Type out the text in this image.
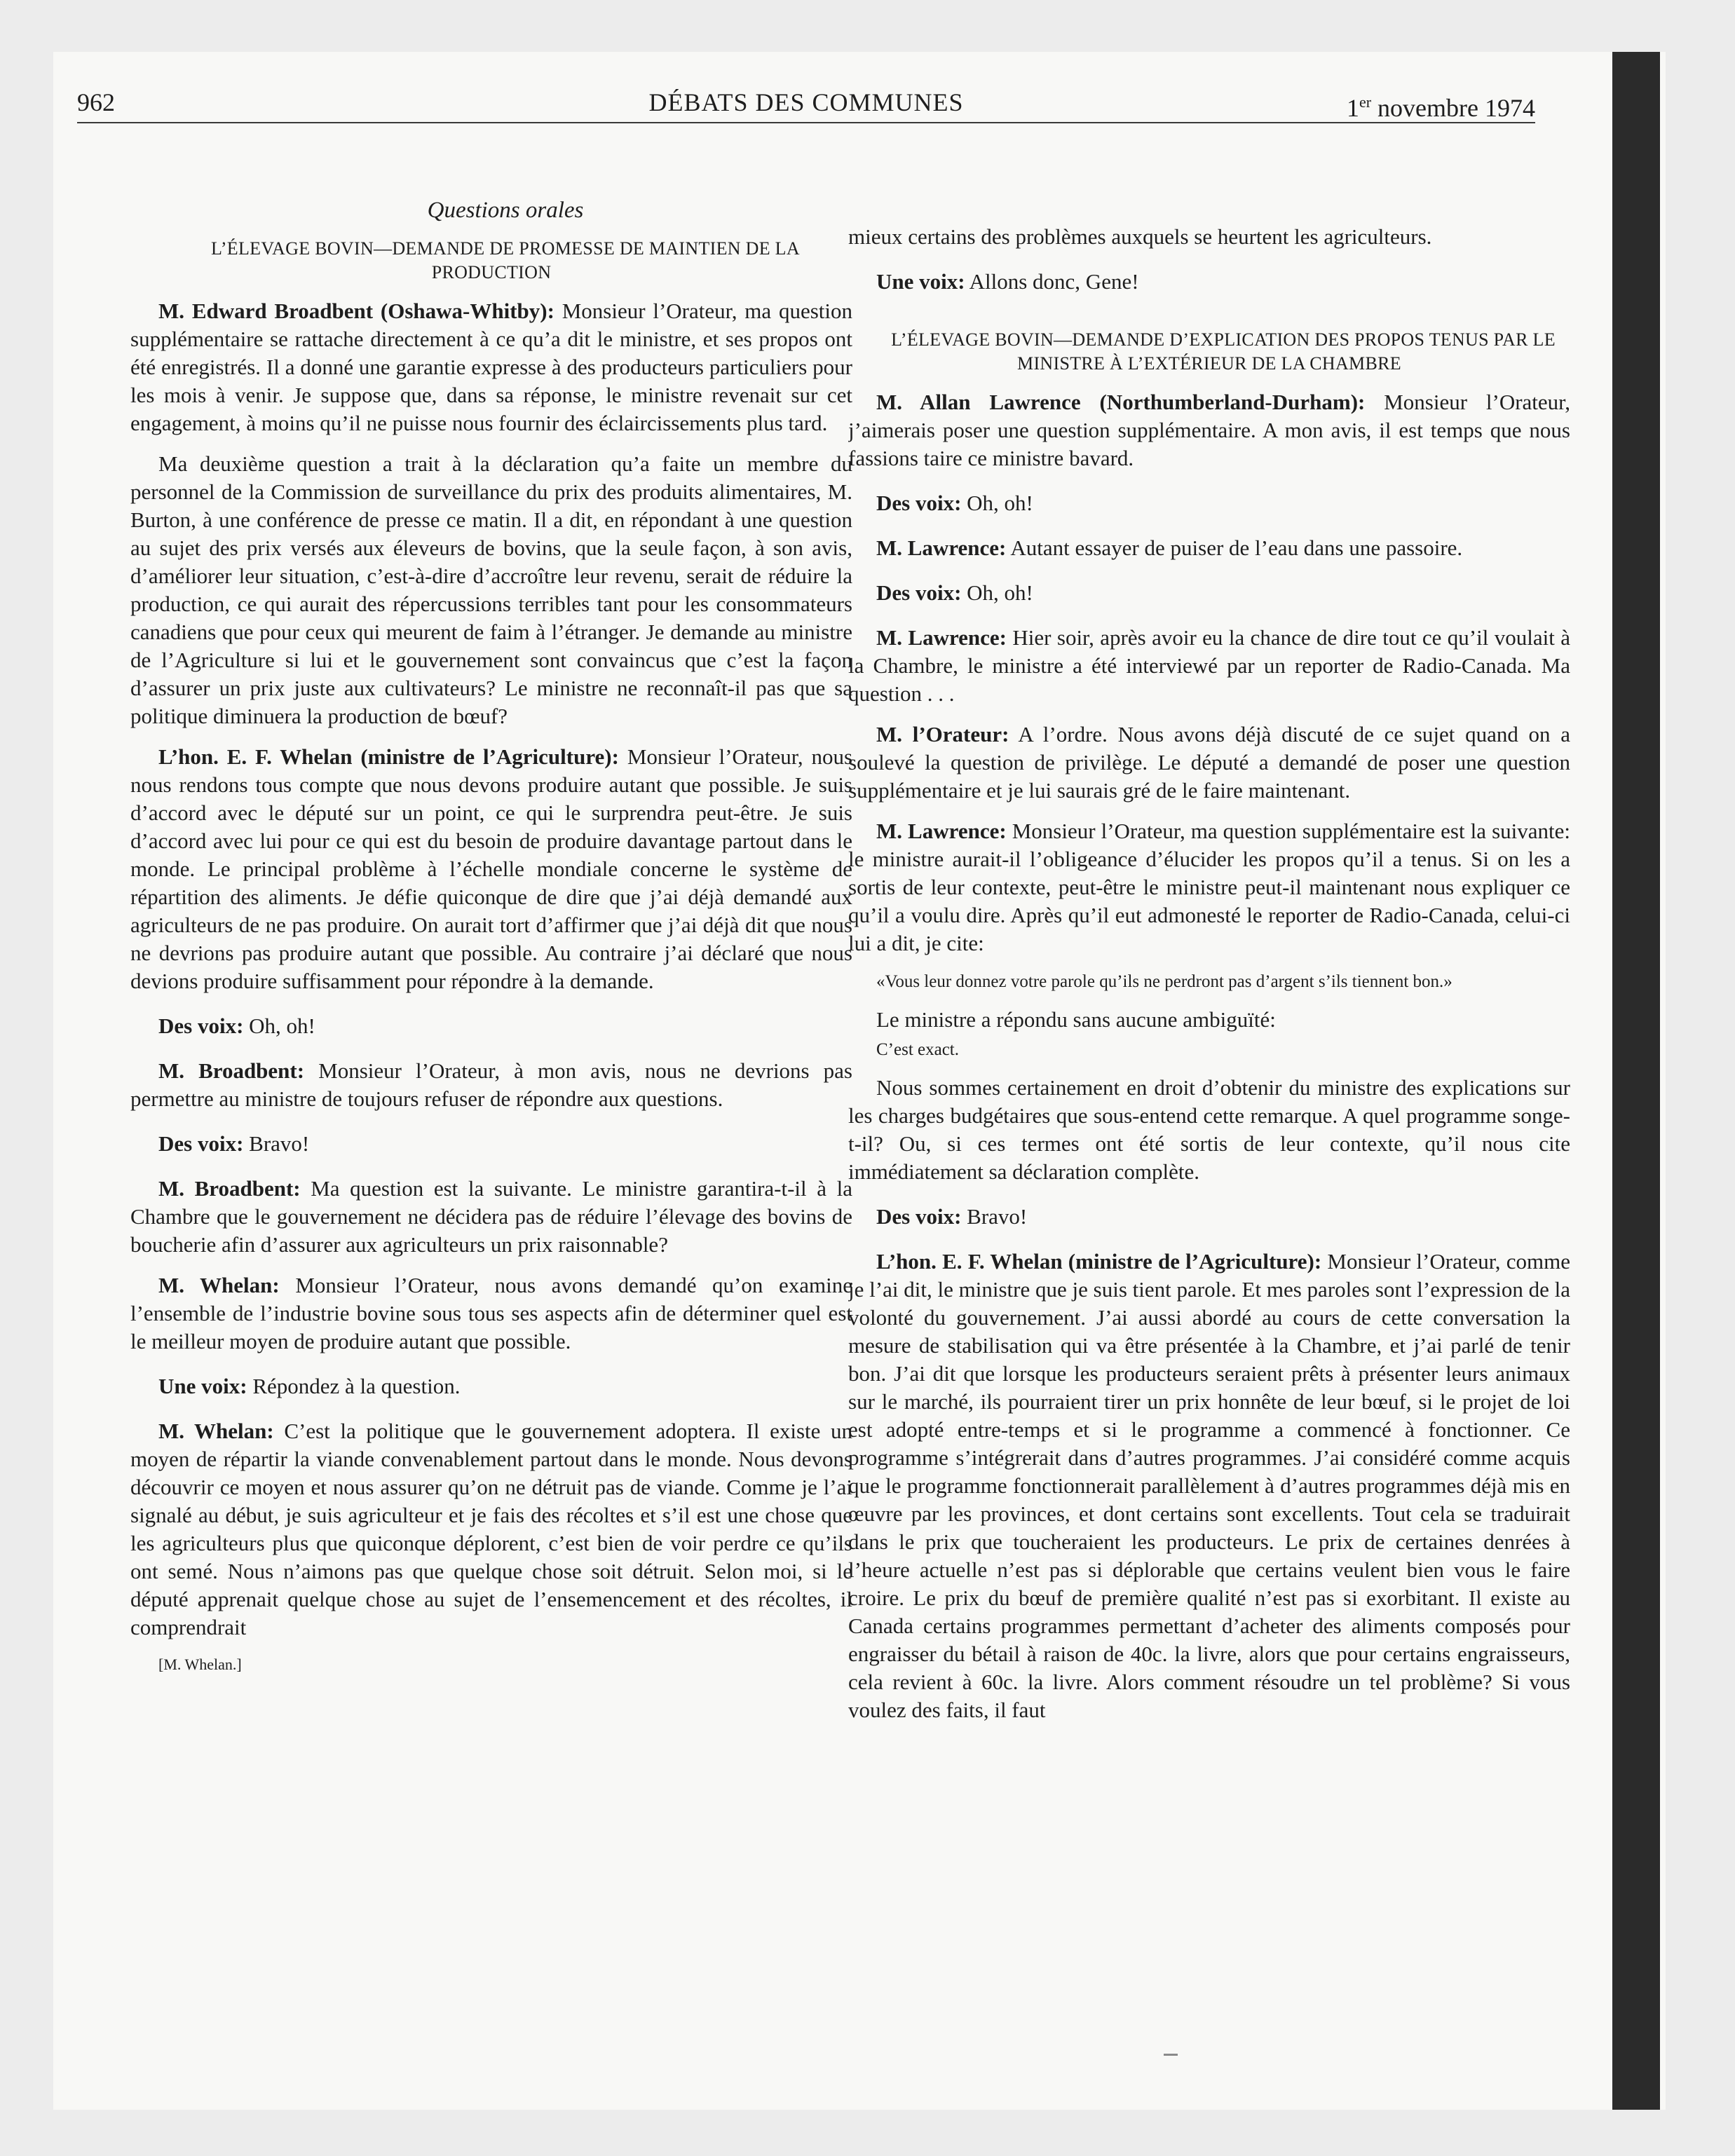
962	DÉBATS DES COMMUNES	1er novembre 1974

Questions orales

L’ÉLEVAGE BOVIN—DEMANDE DE PROMESSE DE MAINTIEN DE LA PRODUCTION

M. Edward Broadbent (Oshawa-Whitby): Monsieur l’Orateur, ma question supplémentaire se rattache directement à ce qu’a dit le ministre, et ses propos ont été enregistrés. Il a donné une garantie expresse à des producteurs particuliers pour les mois à venir. Je suppose que, dans sa réponse, le ministre revenait sur cet engagement, à moins qu’il ne puisse nous fournir des éclaircissements plus tard.

Ma deuxième question a trait à la déclaration qu’a faite un membre du personnel de la Commission de surveillance du prix des produits alimentaires, M. Burton, à une conférence de presse ce matin. Il a dit, en répondant à une question au sujet des prix versés aux éleveurs de bovins, que la seule façon, à son avis, d’améliorer leur situation, c’est-à-dire d’accroître leur revenu, serait de réduire la production, ce qui aurait des répercussions terribles tant pour les consommateurs canadiens que pour ceux qui meurent de faim à l’étranger. Je demande au ministre de l’Agriculture si lui et le gouvernement sont convaincus que c’est la façon d’assurer un prix juste aux cultivateurs? Le ministre ne reconnaît-il pas que sa politique diminuera la production de bœuf?

L’hon. E. F. Whelan (ministre de l’Agriculture): Monsieur l’Orateur, nous nous rendons tous compte que nous devons produire autant que possible. Je suis d’accord avec le député sur un point, ce qui le surprendra peut-être. Je suis d’accord avec lui pour ce qui est du besoin de produire davantage partout dans le monde. Le principal problème à l’échelle mondiale concerne le système de répartition des aliments. Je défie quiconque de dire que j’ai déjà demandé aux agriculteurs de ne pas produire. On aurait tort d’affirmer que j’ai déjà dit que nous ne devrions pas produire autant que possible. Au contraire j’ai déclaré que nous devions produire suffisamment pour répondre à la demande.

Des voix: Oh, oh!

M. Broadbent: Monsieur l’Orateur, à mon avis, nous ne devrions pas permettre au ministre de toujours refuser de répondre aux questions.

Des voix: Bravo!

M. Broadbent: Ma question est la suivante. Le ministre garantira-t-il à la Chambre que le gouvernement ne décidera pas de réduire l’élevage des bovins de boucherie afin d’assurer aux agriculteurs un prix raisonnable?

M. Whelan: Monsieur l’Orateur, nous avons demandé qu’on examine l’ensemble de l’industrie bovine sous tous ses aspects afin de déterminer quel est le meilleur moyen de produire autant que possible.

Une voix: Répondez à la question.

M. Whelan: C’est la politique que le gouvernement adoptera. Il existe un moyen de répartir la viande convenablement partout dans le monde. Nous devons découvrir ce moyen et nous assurer qu’on ne détruit pas de viande. Comme je l’ai signalé au début, je suis agriculteur et je fais des récoltes et s’il est une chose que les agriculteurs plus que quiconque déplorent, c’est bien de voir perdre ce qu’ils ont semé. Nous n’aimons pas que quelque chose soit détruit. Selon moi, si le député apprenait quelque chose au sujet de l’ensemencement et des récoltes, il comprendrait

[M. Whelan.]

mieux certains des problèmes auxquels se heurtent les agriculteurs.

Une voix: Allons donc, Gene!

L’ÉLEVAGE BOVIN—DEMANDE D’EXPLICATION DES PROPOS TENUS PAR LE MINISTRE À L’EXTÉRIEUR DE LA CHAMBRE

M. Allan Lawrence (Northumberland-Durham): Monsieur l’Orateur, j’aimerais poser une question supplémentaire. A mon avis, il est temps que nous fassions taire ce ministre bavard.

Des voix: Oh, oh!

M. Lawrence: Autant essayer de puiser de l’eau dans une passoire.

Des voix: Oh, oh!

M. Lawrence: Hier soir, après avoir eu la chance de dire tout ce qu’il voulait à la Chambre, le ministre a été interviewé par un reporter de Radio-Canada. Ma question . . .

M. l’Orateur: A l’ordre. Nous avons déjà discuté de ce sujet quand on a soulevé la question de privilège. Le député a demandé de poser une question supplémentaire et je lui saurais gré de le faire maintenant.

M. Lawrence: Monsieur l’Orateur, ma question supplémentaire est la suivante: le ministre aurait-il l’obligeance d’élucider les propos qu’il a tenus. Si on les a sortis de leur contexte, peut-être le ministre peut-il maintenant nous expliquer ce qu’il a voulu dire. Après qu’il eut admonesté le reporter de Radio-Canada, celui-ci lui a dit, je cite:

«Vous leur donnez votre parole qu’ils ne perdront pas d’argent s’ils tiennent bon.»

Le ministre a répondu sans aucune ambiguïté:

C’est exact.

Nous sommes certainement en droit d’obtenir du ministre des explications sur les charges budgétaires que sous-entend cette remarque. A quel programme songe-t-il? Ou, si ces termes ont été sortis de leur contexte, qu’il nous cite immédiatement sa déclaration complète.

Des voix: Bravo!

L’hon. E. F. Whelan (ministre de l’Agriculture): Monsieur l’Orateur, comme je l’ai dit, le ministre que je suis tient parole. Et mes paroles sont l’expression de la volonté du gouvernement. J’ai aussi abordé au cours de cette conversation la mesure de stabilisation qui va être présentée à la Chambre, et j’ai parlé de tenir bon. J’ai dit que lorsque les producteurs seraient prêts à présenter leurs animaux sur le marché, ils pourraient tirer un prix honnête de leur bœuf, si le projet de loi est adopté entre-temps et si le programme a commencé à fonctionner. Ce programme s’intégrerait dans d’autres programmes. J’ai considéré comme acquis que le programme fonctionnerait parallèlement à d’autres programmes déjà mis en œuvre par les provinces, et dont certains sont excellents. Tout cela se traduirait dans le prix que toucheraient les producteurs. Le prix de certaines denrées à l’heure actuelle n’est pas si déplorable que certains veulent bien vous le faire croire. Le prix du bœuf de première qualité n’est pas si exorbitant. Il existe au Canada certains programmes permettant d’acheter des aliments composés pour engraisser du bétail à raison de 40c. la livre, alors que pour certains engraisseurs, cela revient à 60c. la livre. Alors comment résoudre un tel problème? Si vous voulez des faits, il faut
